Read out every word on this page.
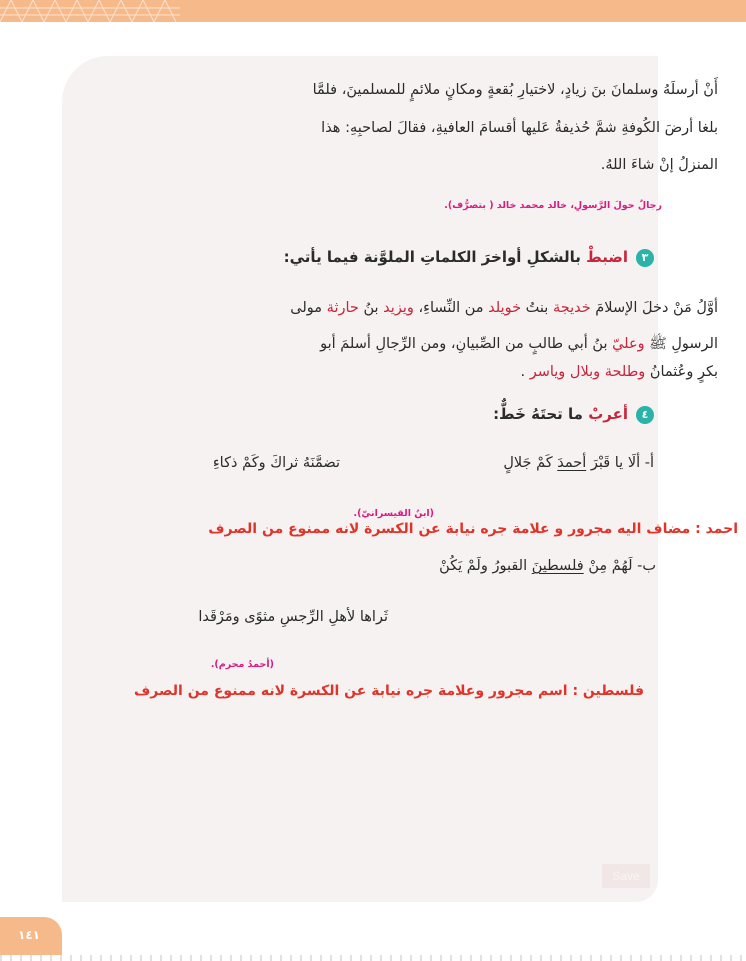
أَنْ أرسلَهُ وسلمانَ بنَ زيادٍ، لاختيارِ بُقعةٍ ومكانٍ ملائمٍ للمسلمينَ، فلمَّا
بلغا أرضَ الكُوفةِ شمَّ حُذيفةُ عَليها أقسامَ العافيةِ، فقالَ لصاحبِهِ: هذا
المنزلُ إنْ شاءَ اللهُ.
رجالٌ حولَ الرَّسولِ، خالد محمد خالد ( بتصرُّف).
٣اضبطْ بالشكلِ أواخرَ الكلماتِ الملوَّنة فيما يأتي:
أوَّلُ مَنْ دخلَ الإسلامَ خديجة بنتُ خويلد من النِّساءِ، ويزيد بنُ حارثة مولى
الرسولِ ﷺ وعليّ بنُ أبي طالبٍ من الصِّبيانِ، ومن الرِّجالِ أسلمَ أبو
بكرٍ وعُثمانُ وطلحة وبلال وياسر .
٤أعربْ ما تحتَهُ خَطٌّ:
أ- ألَا يا قَبْرَ أحمدَ كَمْ جَلالٍ
تضمَّنَهُ ثراكَ وكَمْ ذكاءِ
(ابنُ القيسرانيّ).
احمد : مضاف اليه مجرور و علامة جره نيابة عن الكسرة لانه ممنوع من الصرف
ب- لَهُمْ مِنْ فلسطينَ القبورُ ولَمْ يَكُنْ
ثَراها لأهلِ الرِّجسِ مثوًى ومَرْقَدا
(أحمدُ محرم).
فلسطين : اسم مجرور وعلامة جره نيابة عن الكسرة لانه ممنوع من الصرف
Save
١٤١
